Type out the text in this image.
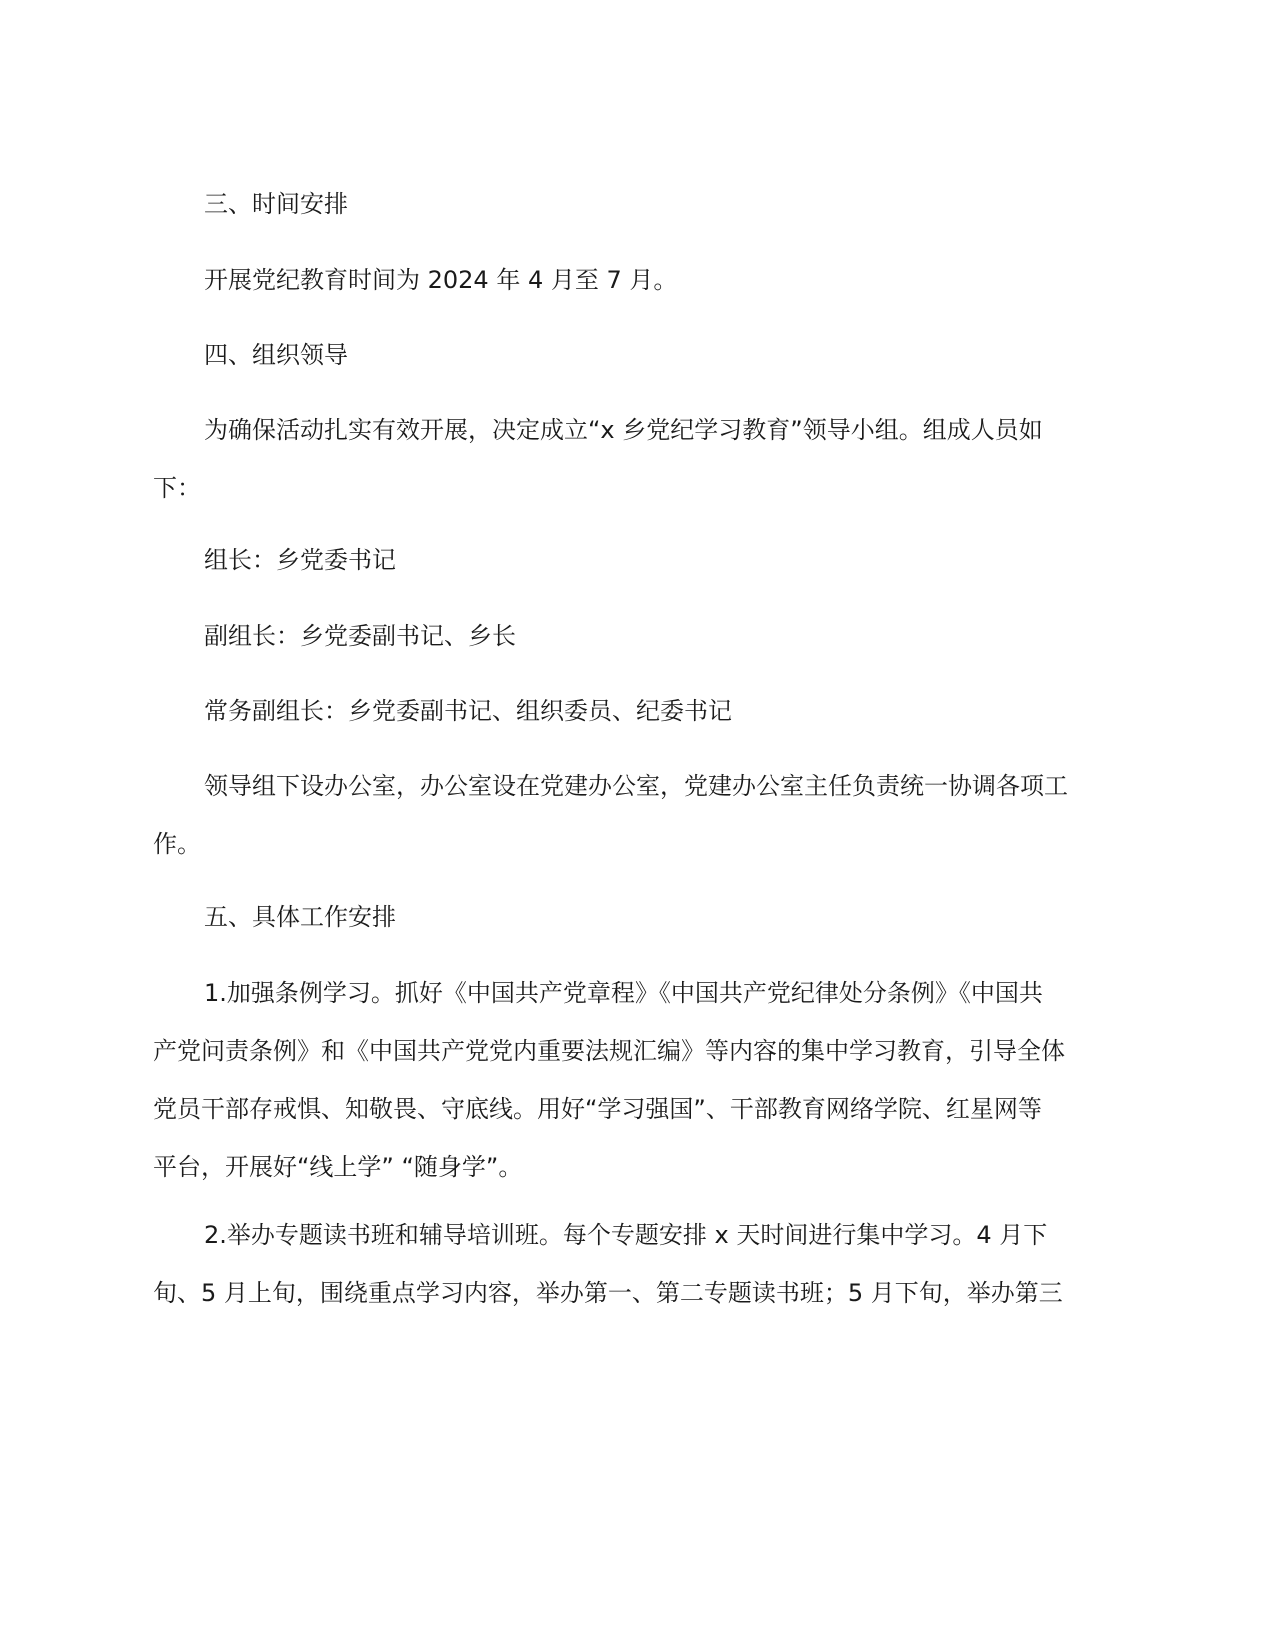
三、时间安排

开展党纪教育时间为 2024 年 4 月至 7 月。

四、组织领导

为确保活动扎实有效开展，决定成立“x 乡党纪学习教育”领导小组。组成人员如
下：

组长：乡党委书记

副组长：乡党委副书记、乡长

常务副组长：乡党委副书记、组织委员、纪委书记

领导组下设办公室，办公室设在党建办公室，党建办公室主任负责统一协调各项工
作。

五、具体工作安排

1.加强条例学习。抓好《中国共产党章程》《中国共产党纪律处分条例》《中国共
产党问责条例》和《中国共产党党内重要法规汇编》等内容的集中学习教育，引导全体
党员干部存戒惧、知敬畏、守底线。用好“学习强国”、干部教育网络学院、红星网等
平台，开展好“线上学” “随身学”。

2.举办专题读书班和辅导培训班。每个专题安排 x 天时间进行集中学习。4 月下
旬、5 月上旬，围绕重点学习内容，举办第一、第二专题读书班；5 月下旬，举办第三
